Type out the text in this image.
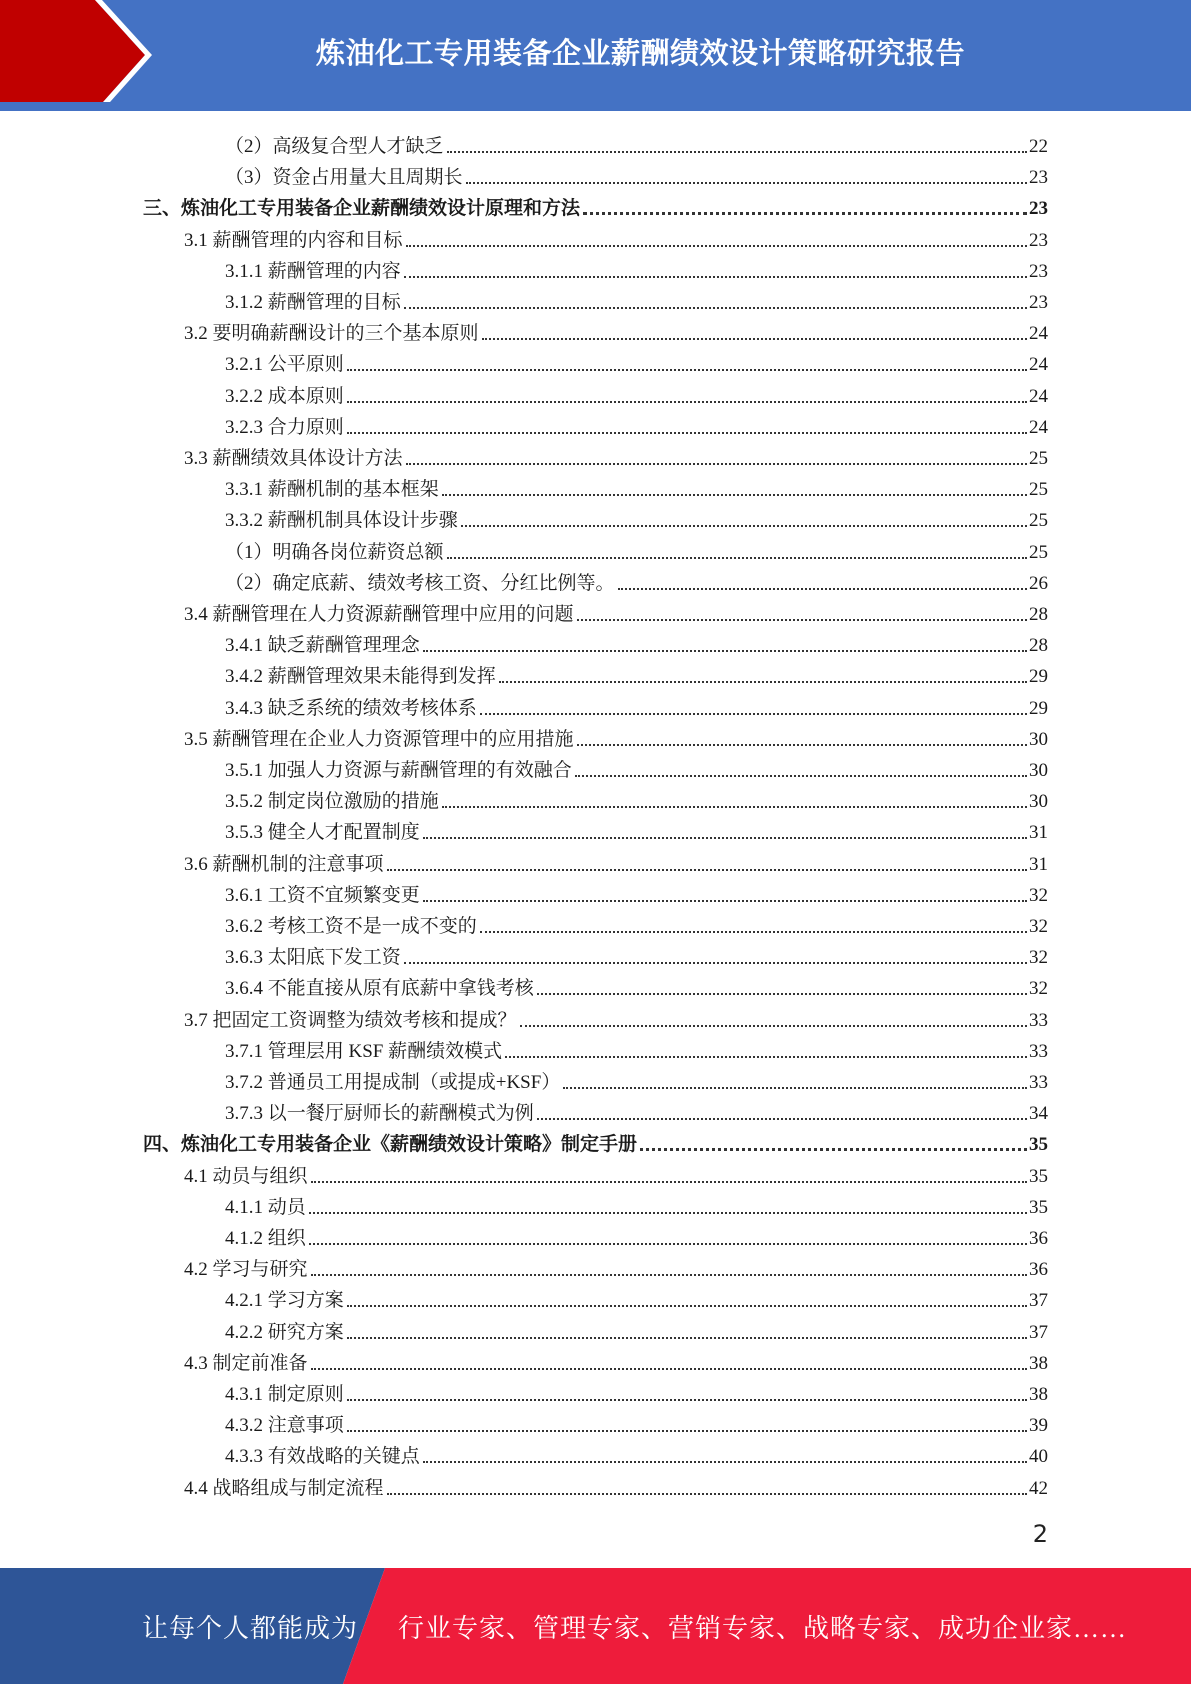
炼油化工专用装备企业薪酬绩效设计策略研究报告
（2）高级复合型人才缺乏	22
（3）资金占用量大且周期长	23
三、炼油化工专用装备企业薪酬绩效设计原理和方法	23
3.1 薪酬管理的内容和目标	23
3.1.1 薪酬管理的内容	23
3.1.2 薪酬管理的目标	23
3.2 要明确薪酬设计的三个基本原则	24
3.2.1 公平原则	24
3.2.2 成本原则	24
3.2.3 合力原则	24
3.3 薪酬绩效具体设计方法	25
3.3.1 薪酬机制的基本框架	25
3.3.2 薪酬机制具体设计步骤	25
（1）明确各岗位薪资总额	25
（2）确定底薪、绩效考核工资、分红比例等。	26
3.4 薪酬管理在人力资源薪酬管理中应用的问题	28
3.4.1 缺乏薪酬管理理念	28
3.4.2 薪酬管理效果未能得到发挥	29
3.4.3 缺乏系统的绩效考核体系	29
3.5 薪酬管理在企业人力资源管理中的应用措施	30
3.5.1 加强人力资源与薪酬管理的有效融合	30
3.5.2 制定岗位激励的措施	30
3.5.3 健全人才配置制度	31
3.6 薪酬机制的注意事项	31
3.6.1 工资不宜频繁变更	32
3.6.2 考核工资不是一成不变的	32
3.6.3 太阳底下发工资	32
3.6.4 不能直接从原有底薪中拿钱考核	32
3.7 把固定工资调整为绩效考核和提成？	33
3.7.1 管理层用 KSF 薪酬绩效模式	33
3.7.2 普通员工用提成制（或提成+KSF）	33
3.7.3 以一餐厅厨师长的薪酬模式为例	34
四、炼油化工专用装备企业《薪酬绩效设计策略》制定手册	35
4.1 动员与组织	35
4.1.1 动员	35
4.1.2 组织	36
4.2 学习与研究	36
4.2.1 学习方案	37
4.2.2 研究方案	37
4.3 制定前准备	38
4.3.1 制定原则	38
4.3.2 注意事项	39
4.3.3 有效战略的关键点	40
4.4 战略组成与制定流程	42
2
让每个人都能成为 行业专家、管理专家、营销专家、战略专家、成功企业家……
